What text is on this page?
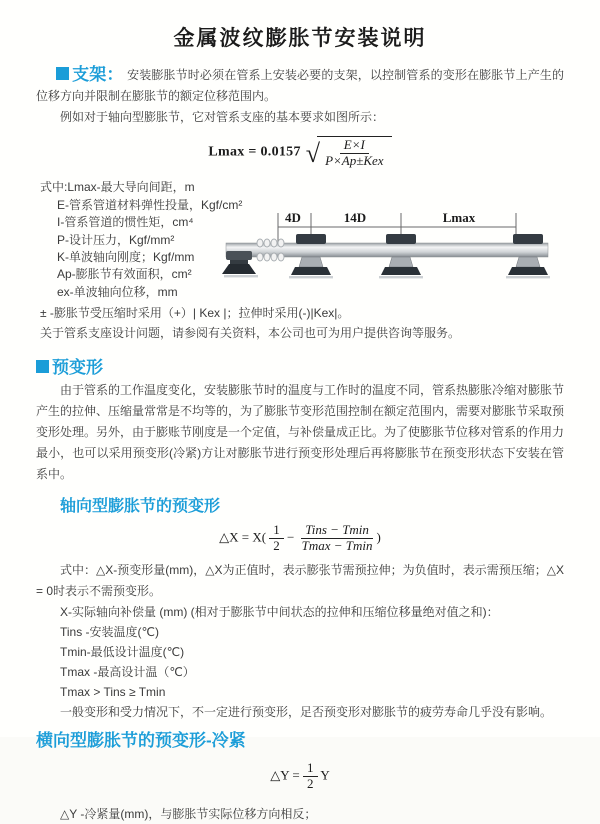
金属波纹膨胀节安装说明

支架： 安装膨胀节时必须在管系上安装必要的支架，以控制管系的变形在膨胀节上产生的位移方向并限制在膨胀节的额定位移范围内。

例如对于轴向型膨胀节，它对管系支座的基本要求如图所示：

Lmax = 0.0157 √ $\frac{E\times I}{\text{P×Ap±Kex}}$
式中:Lmax-最大导向间距，m
E-管系管道材料弹性投量，Kgf/cm²
I-管系管道的惯性矩，cm⁴
P-设计压力，Kgf/mm²
K-单波轴向刚度；Kgf/mm
Ap-膨胀节有效面积，cm²
ex-单波轴向位移，mm
± -膨胀节受压缩时采用（+）| Kex |；拉伸时采用(-)|Kex|。
关于管系支座设计问题，请参阅有关资料，本公司也可为用户提供咨询等服务。
4D	14D	Lmax
预变形

由于管系的工作温度变化，安装膨胀节时的温度与工作时的温度不同，管系热膨胀冷缩对膨胀节产生的拉伸、压缩量常常是不均等的，为了膨胀节变形范围控制在额定范围内，需要对膨胀节采取预变形处理。另外，由于膨账节刚度是一个定值，与补偿量成正比。为了使膨胀节位移对管系的作用力最小，也可以采用预变形(冷紧)方让对膨胀节进行预变形处理后再将膨胀节在预变形状态下安装在管系中。

轴向型膨胀节的预变形
△X = $X( \frac{1}{2} - \frac{\text{Tins − Tmin}}{Tmax - Tmin}$ )

式中：△X-预变形量(mm)，△X为正值时，表示膨张节需预拉伸；为负值时，表示需预压缩；△X = 0时表示不需预变形。

X-实际轴向补偿量 (mm) (相对于膨胀节中间状态的拉伸和压缩位移量绝对值之和)：
Tins -安装温度(℃)
Tmin-最低设计温度(℃)
Tmax -最高设计温（℃）
Tmax > Tins ≥ Tmin
一般变形和受力情况下，不一定进行预变形，足否预变形对膨胀节的疲劳寿命几乎没有影响。
横向型膨胀节的预变形-冷紧
△Y = $\frac{1}{2}$ Y
△Y -冷紧量(mm)，与膨胀节实际位移方向相反；
